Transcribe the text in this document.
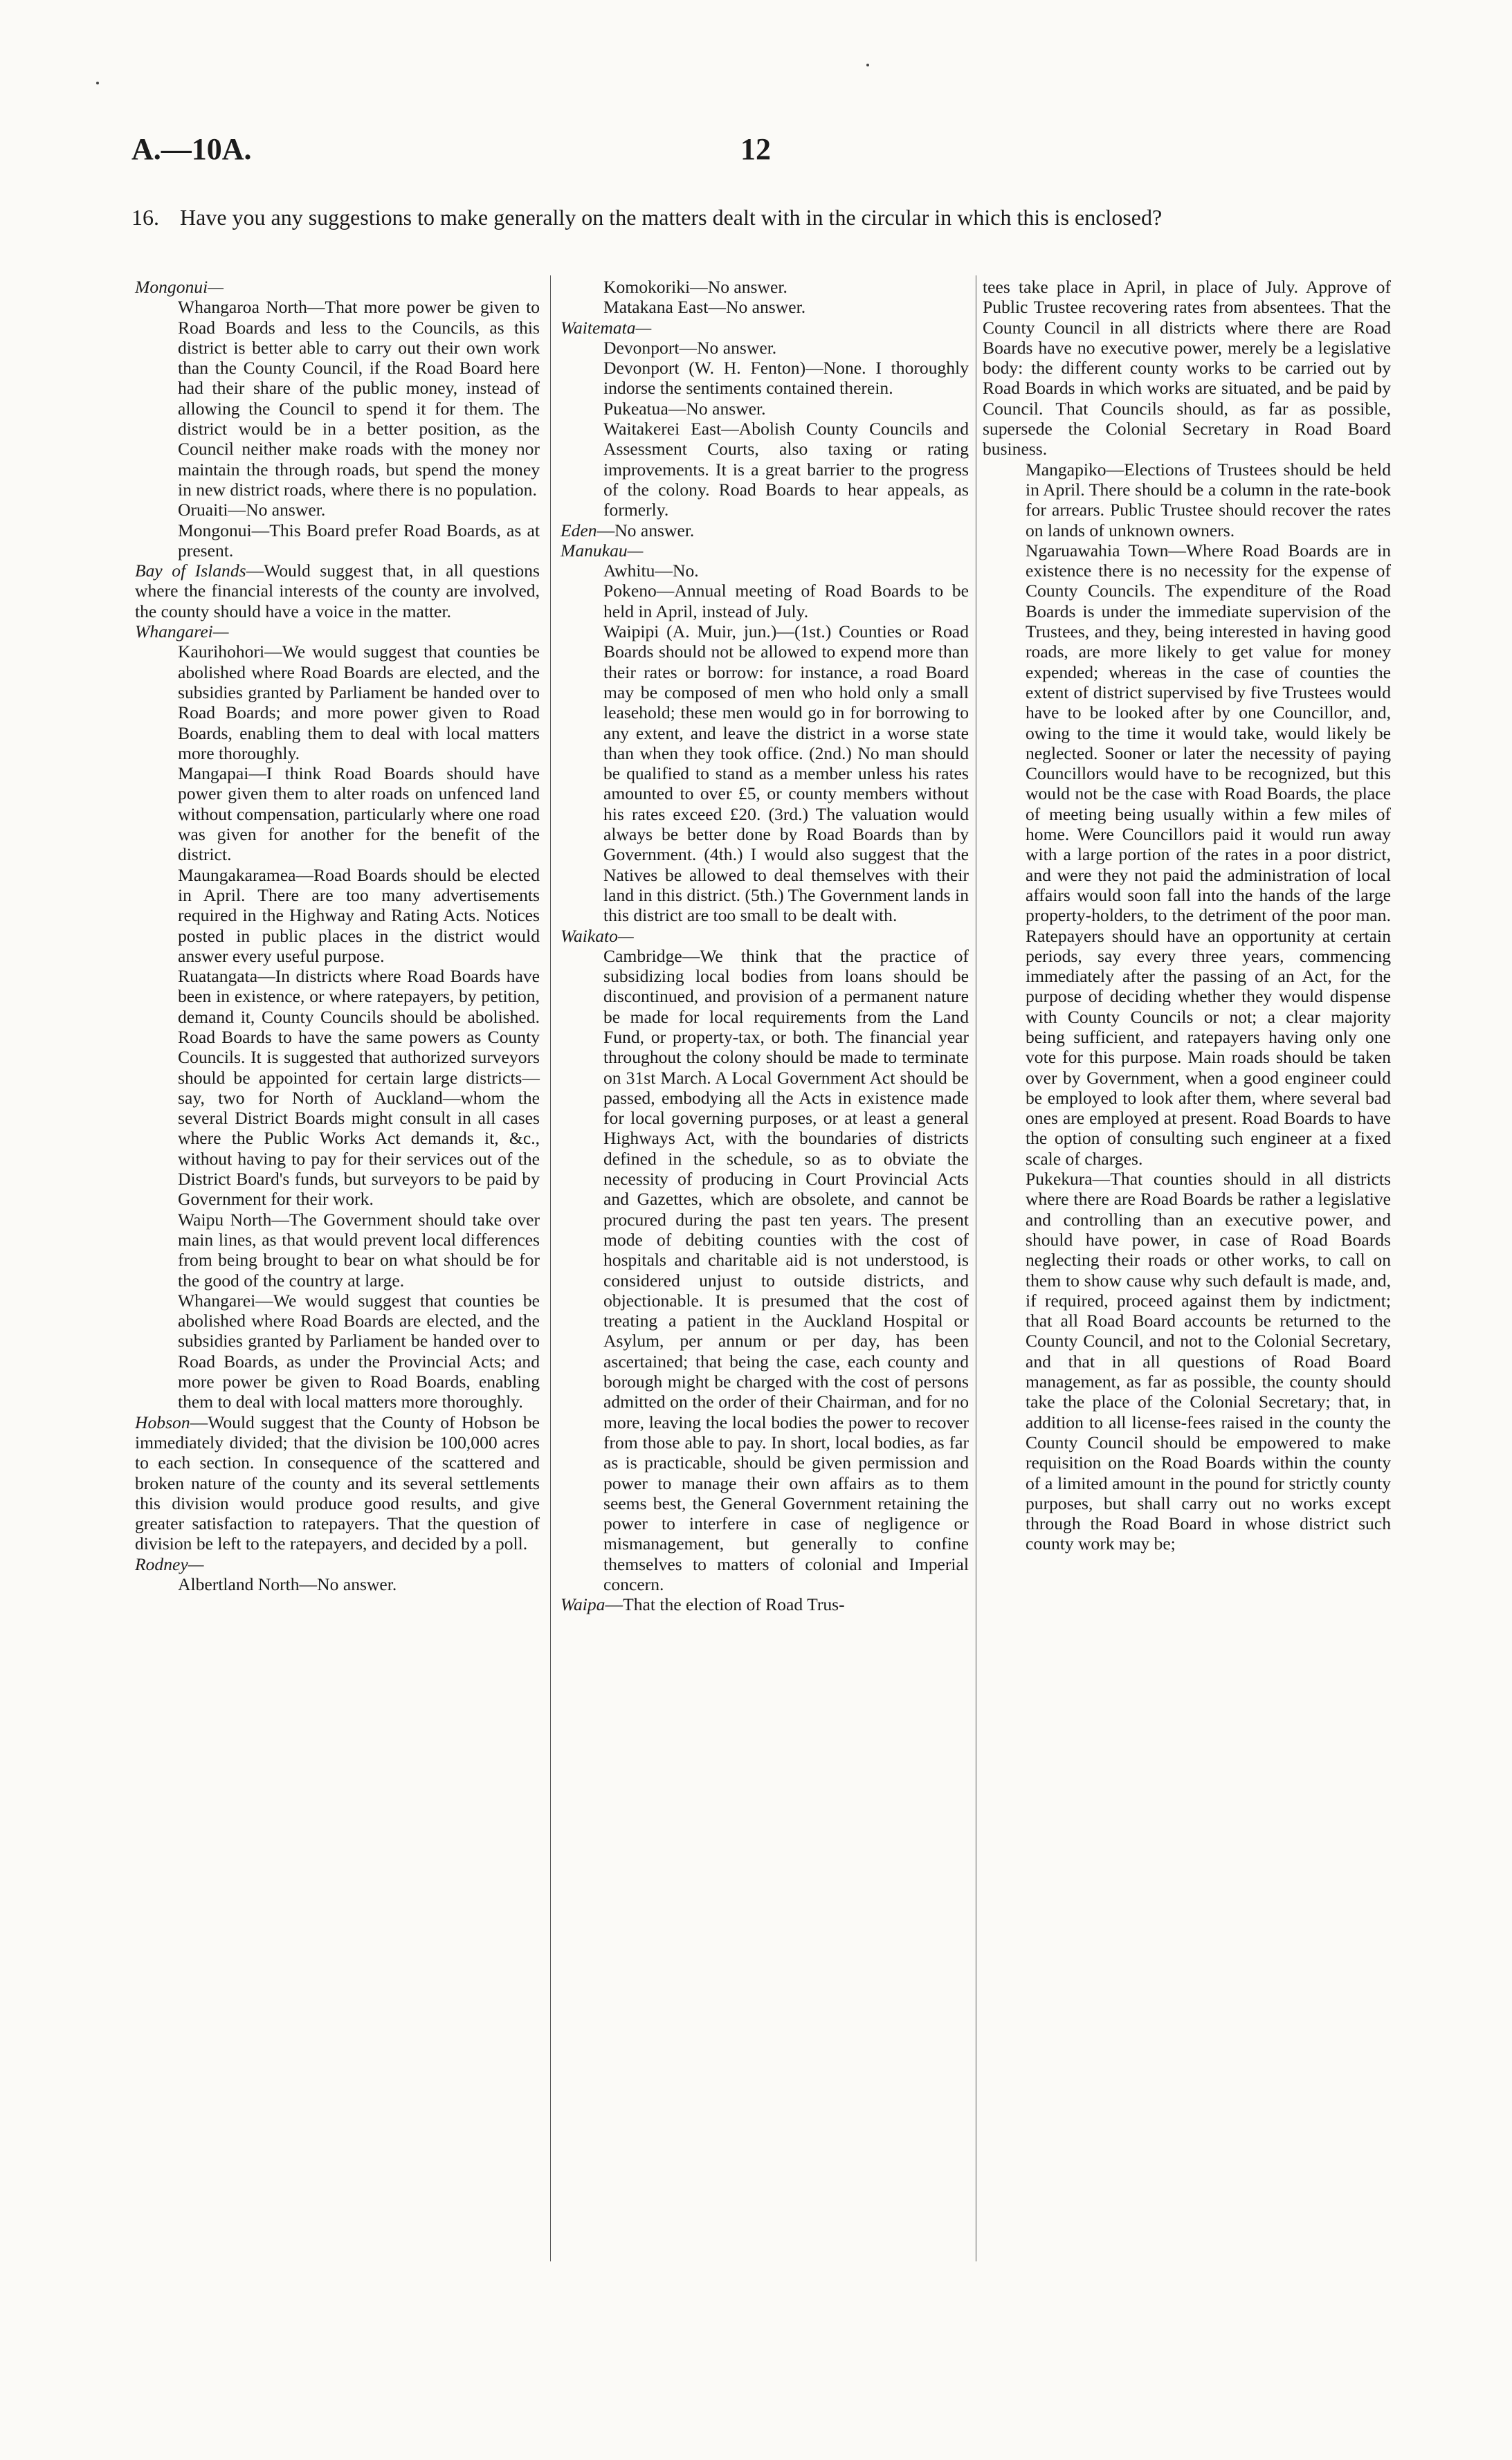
A.—10A.	12
16. Have you any suggestions to make generally on the matters dealt with in the circular in which this is enclosed?

Mongonui—

Whangaroa North—That more power be given to Road Boards and less to the Councils, as this district is better able to carry out their own work than the County Council, if the Road Board here had their share of the public money, instead of allowing the Council to spend it for them. The district would be in a better position, as the Council neither make roads with the money nor maintain the through roads, but spend the money in new district roads, where there is no population.

Oruaiti—No answer.

Mongonui—This Board prefer Road Boards, as at present.

Bay of Islands—Would suggest that, in all questions where the financial interests of the county are involved, the county should have a voice in the matter.

Whangarei—

Kaurihohori—We would suggest that counties be abolished where Road Boards are elected, and the subsidies granted by Parliament be handed over to Road Boards; and more power given to Road Boards, enabling them to deal with local matters more thoroughly.

Mangapai—I think Road Boards should have power given them to alter roads on unfenced land without compensation, particularly where one road was given for another for the benefit of the district.

Maungakaramea—Road Boards should be elected in April. There are too many advertisements required in the Highway and Rating Acts. Notices posted in public places in the district would answer every useful purpose.

Ruatangata—In districts where Road Boards have been in existence, or where ratepayers, by petition, demand it, County Councils should be abolished. Road Boards to have the same powers as County Councils. It is suggested that authorized surveyors should be appointed for certain large districts—say, two for North of Auckland—whom the several District Boards might consult in all cases where the Public Works Act demands it, &c., without having to pay for their services out of the District Board's funds, but surveyors to be paid by Government for their work.

Waipu North—The Government should take over main lines, as that would prevent local differences from being brought to bear on what should be for the good of the country at large.

Whangarei—We would suggest that counties be abolished where Road Boards are elected, and the subsidies granted by Parliament be handed over to Road Boards, as under the Provincial Acts; and more power be given to Road Boards, enabling them to deal with local matters more thoroughly.

Hobson—Would suggest that the County of Hobson be immediately divided; that the division be 100,000 acres to each section. In consequence of the scattered and broken nature of the county and its several settlements this division would produce good results, and give greater satisfaction to ratepayers. That the question of division be left to the ratepayers, and decided by a poll.

Rodney—

Albertland North—No answer.

Komokoriki—No answer.

Matakana East—No answer.

Waitemata—

Devonport—No answer.

Devonport (W. H. Fenton)—None. I thoroughly indorse the sentiments contained therein.

Pukeatua—No answer.

Waitakerei East—Abolish County Councils and Assessment Courts, also taxing or rating improvements. It is a great barrier to the progress of the colony. Road Boards to hear appeals, as formerly.

Eden—No answer.

Manukau—

Awhitu—No.

Pokeno—Annual meeting of Road Boards to be held in April, instead of July.

Waipipi (A. Muir, jun.)—(1st.) Counties or Road Boards should not be allowed to expend more than their rates or borrow: for instance, a road Board may be composed of men who hold only a small leasehold; these men would go in for borrowing to any extent, and leave the district in a worse state than when they took office. (2nd.) No man should be qualified to stand as a member unless his rates amounted to over £5, or county members without his rates exceed £20. (3rd.) The valuation would always be better done by Road Boards than by Government. (4th.) I would also suggest that the Natives be allowed to deal themselves with their land in this district. (5th.) The Government lands in this district are too small to be dealt with.

Waikato—

Cambridge—We think that the practice of subsidizing local bodies from loans should be discontinued, and provision of a permanent nature be made for local requirements from the Land Fund, or property-tax, or both. The financial year throughout the colony should be made to terminate on 31st March. A Local Government Act should be passed, embodying all the Acts in existence made for local governing purposes, or at least a general Highways Act, with the boundaries of districts defined in the schedule, so as to obviate the necessity of producing in Court Provincial Acts and Gazettes, which are obsolete, and cannot be procured during the past ten years. The present mode of debiting counties with the cost of hospitals and charitable aid is not understood, is considered unjust to outside districts, and objectionable. It is presumed that the cost of treating a patient in the Auckland Hospital or Asylum, per annum or per day, has been ascertained; that being the case, each county and borough might be charged with the cost of persons admitted on the order of their Chairman, and for no more, leaving the local bodies the power to recover from those able to pay. In short, local bodies, as far as is practicable, should be given permission and power to manage their own affairs as to them seems best, the General Government retaining the power to interfere in case of negligence or mismanagement, but generally to confine themselves to matters of colonial and Imperial concern.

Waipa—That the election of Road Trus-

tees take place in April, in place of July. Approve of Public Trustee recovering rates from absentees. That the County Council in all districts where there are Road Boards have no executive power, merely be a legislative body: the different county works to be carried out by Road Boards in which works are situated, and be paid by Council. That Councils should, as far as possible, supersede the Colonial Secretary in Road Board business.

Mangapiko—Elections of Trustees should be held in April. There should be a column in the rate-book for arrears. Public Trustee should recover the rates on lands of unknown owners.

Ngaruawahia Town—Where Road Boards are in existence there is no necessity for the expense of County Councils. The expenditure of the Road Boards is under the immediate supervision of the Trustees, and they, being interested in having good roads, are more likely to get value for money expended; whereas in the case of counties the extent of district supervised by five Trustees would have to be looked after by one Councillor, and, owing to the time it would take, would likely be neglected. Sooner or later the necessity of paying Councillors would have to be recognized, but this would not be the case with Road Boards, the place of meeting being usually within a few miles of home. Were Councillors paid it would run away with a large portion of the rates in a poor district, and were they not paid the administration of local affairs would soon fall into the hands of the large property-holders, to the detriment of the poor man. Ratepayers should have an opportunity at certain periods, say every three years, commencing immediately after the passing of an Act, for the purpose of deciding whether they would dispense with County Councils or not; a clear majority being sufficient, and ratepayers having only one vote for this purpose. Main roads should be taken over by Government, when a good engineer could be employed to look after them, where several bad ones are employed at present. Road Boards to have the option of consulting such engineer at a fixed scale of charges.

Pukekura—That counties should in all districts where there are Road Boards be rather a legislative and controlling than an executive power, and should have power, in case of Road Boards neglecting their roads or other works, to call on them to show cause why such default is made, and, if required, proceed against them by indictment; that all Road Board accounts be returned to the County Council, and not to the Colonial Secretary, and that in all questions of Road Board management, as far as possible, the county should take the place of the Colonial Secretary; that, in addition to all license-fees raised in the county the County Council should be empowered to make requisition on the Road Boards within the county of a limited amount in the pound for strictly county purposes, but shall carry out no works except through the Road Board in whose district such county work may be;
